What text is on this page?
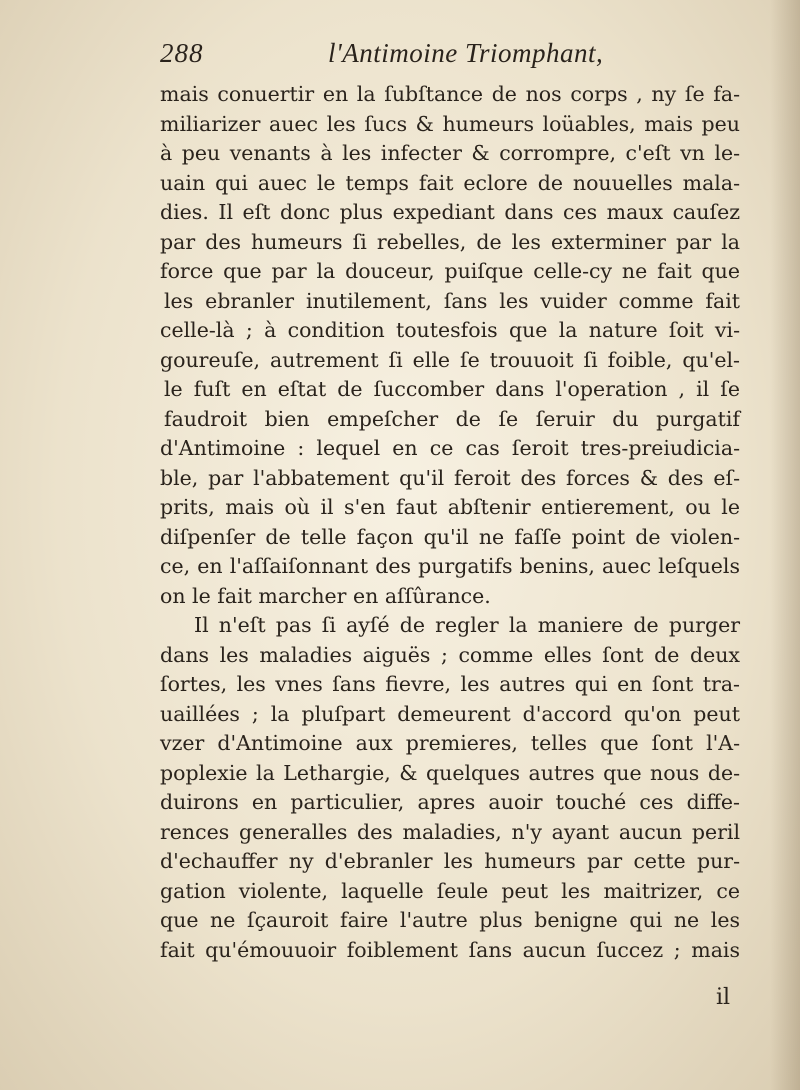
288	l'Antimoine Triomphant,
mais conuertir en la ſubſtance de nos corps , ny ſe fa-
miliarizer auec les ſucs & humeurs loüables, mais peu
à peu venants à les infecter & corrompre, c'eſt vn le-
uain qui auec le temps fait eclore de nouuelles mala-
dies. Il eſt donc plus expediant dans ces maux cauſez
par des humeurs ſi rebelles, de les exterminer par la
force que par la douceur, puiſque celle-cy ne fait que
les ebranler inutilement, ſans les vuider comme fait
celle-là ; à condition toutesfois que la nature ſoit vi-
goureuſe, autrement ſi elle ſe trouuoit ſi foible, qu'el-
le fuſt en eſtat de ſuccomber dans l'operation , il ſe
faudroit bien empeſcher de ſe ſeruir du purgatif
d'Antimoine : lequel en ce cas ſeroit tres-preiudicia-
ble, par l'abbatement qu'il feroit des forces & des eſ-
prits, mais où il s'en faut abſtenir entierement, ou le
diſpenſer de telle façon qu'il ne faſſe point de violen-
ce, en l'aſſaiſonnant des purgatifs benins, auec leſquels
on le fait marcher en aſſûrance.
Il n'eſt pas ſi ayſé de regler la maniere de purger
dans les maladies aiguës ; comme elles ſont de deux
ſortes, les vnes ſans fievre, les autres qui en ſont tra-
uaillées ; la pluſpart demeurent d'accord qu'on peut
vzer d'Antimoine aux premieres, telles que ſont l'A-
poplexie la Lethargie, & quelques autres que nous de-
duirons en particulier, apres auoir touché ces diffe-
rences generalles des maladies, n'y ayant aucun peril
d'echauffer ny d'ebranler les humeurs par cette pur-
gation violente, laquelle ſeule peut les maitrizer, ce
que ne ſçauroit faire l'autre plus benigne qui ne les
fait qu'émouuoir foiblement ſans aucun ſuccez ; mais
il
